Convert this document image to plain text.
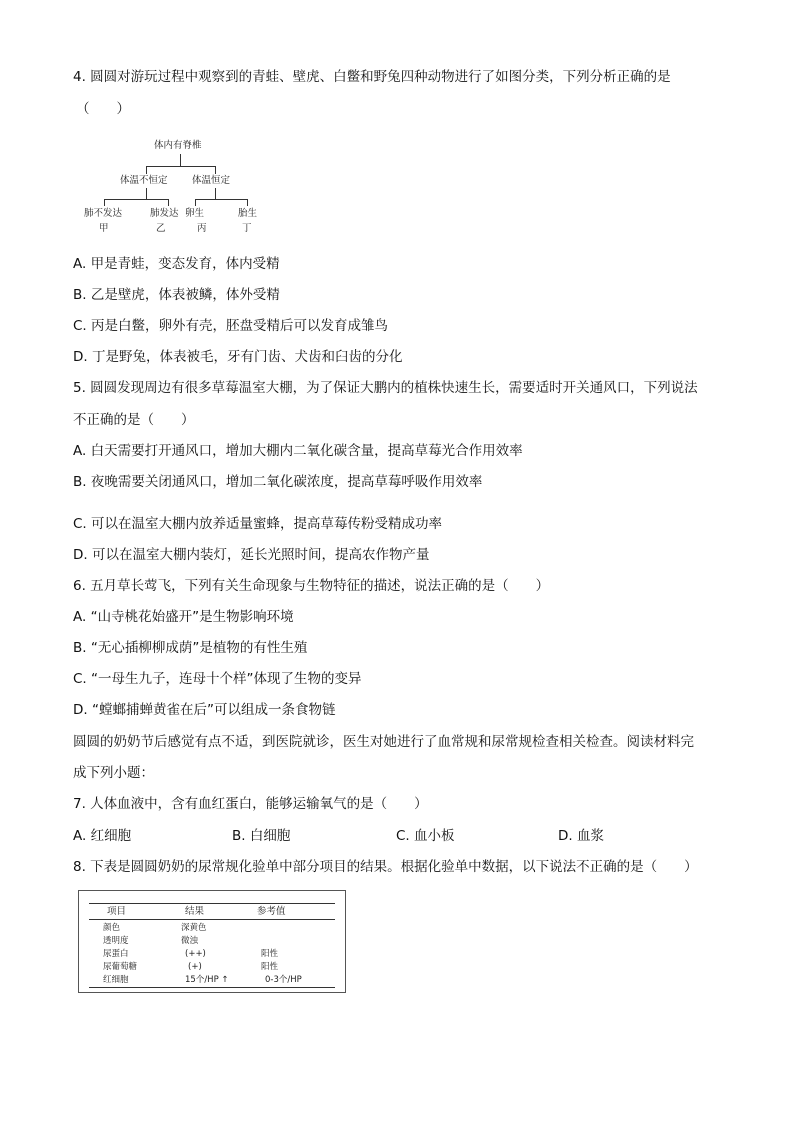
4. 圆圆对游玩过程中观察到的青蛙、壁虎、白鳖和野兔四种动物进行了如图分类，下列分析正确的是
（　　）
体内有脊椎
体温不恒定	体温恒定
肺不发达	肺发达 卵生	胎生
甲	乙	丙	丁
A. 甲是青蛙，变态发育，体内受精
B. 乙是壁虎，体表被鳞，体外受精
C. 丙是白鳖，卵外有壳，胚盘受精后可以发育成雏鸟
D. 丁是野兔，体表被毛，牙有门齿、犬齿和臼齿的分化
5. 圆圆发现周边有很多草莓温室大棚，为了保证大鹏内的植株快速生长，需要适时开关通风口，下列说法
不正确的是（　　）
A. 白天需要打开通风口，增加大棚内二氧化碳含量，提高草莓光合作用效率
B. 夜晚需要关闭通风口，增加二氧化碳浓度，提高草莓呼吸作用效率
C. 可以在温室大棚内放养适量蜜蜂，提高草莓传粉受精成功率
D. 可以在温室大棚内装灯，延长光照时间，提高农作物产量
6. 五月草长莺飞，下列有关生命现象与生物特征的描述，说法正确的是（　　）
A. “山寺桃花始盛开”是生物影响环境
B. “无心插柳柳成荫”是植物的有性生殖
C. “一母生九子，连母十个样”体现了生物的变异
D. “螳螂捕蝉黄雀在后”可以组成一条食物链
圆圆的奶奶节后感觉有点不适，到医院就诊，医生对她进行了血常规和尿常规检查相关检查。阅读材料完
成下列小题：
7. 人体血液中，含有血红蛋白，能够运输氧气的是（　　）
A. 红细胞	B. 白细胞	C. 血小板	D. 血浆
8. 下表是圆圆奶奶的尿常规化验单中部分项目的结果。根据化验单中数据，以下说法不正确的是（　　）
项目	结果	参考值
颜色	深黄色
透明度	微浊
尿蛋白	(++)	阳性
尿葡萄糖	(+)	阳性
红细胞	15个/HP ↑	0-3个/HP
